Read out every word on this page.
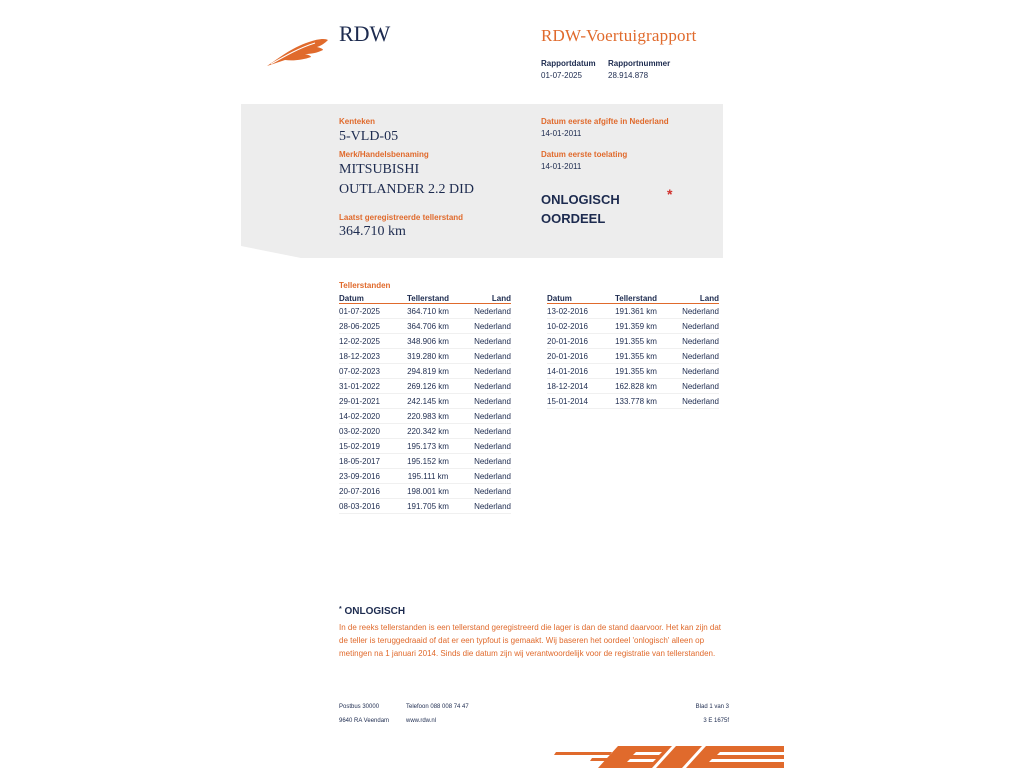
RDW	RDW-Voertuigrapport
Rapportdatum
01-07-2025
Rapportnummer
28.914.878
Kenteken
5-VLD-05
Merk/Handelsbenaming
MITSUBISHI
OUTLANDER 2.2 DID
Laatst geregistreerde tellerstand
364.710 km
Datum eerste afgifte in Nederland
14-01-2011
Datum eerste toelating
14-01-2011
ONLOGISCH OORDEEL
*
Tellerstanden
Datum	Tellerstand	Land
01-07-2025	364.710 km	Nederland
28-06-2025	364.706 km	Nederland
12-02-2025	348.906 km	Nederland
18-12-2023	319.280 km	Nederland
07-02-2023	294.819 km	Nederland
31-01-2022	269.126 km	Nederland
29-01-2021	242.145 km	Nederland
14-02-2020	220.983 km	Nederland
03-02-2020	220.342 km	Nederland
15-02-2019	195.173 km	Nederland
18-05-2017	195.152 km	Nederland
23-09-2016	195.111 km	Nederland
20-07-2016	198.001 km	Nederland
08-03-2016	191.705 km	Nederland
Datum	Tellerstand	Land
13-02-2016	191.361 km	Nederland
10-02-2016	191.359 km	Nederland
20-01-2016	191.355 km	Nederland
20-01-2016	191.355 km	Nederland
14-01-2016	191.355 km	Nederland
18-12-2014	162.828 km	Nederland
15-01-2014	133.778 km	Nederland
* ONLOGISCH
In de reeks tellerstanden is een tellerstand geregistreerd die lager is dan de stand daarvoor. Het kan zijn dat de teller is teruggedraaid of dat er een typfout is gemaakt. Wij baseren het oordeel 'onlogisch' alleen op metingen na 1 januari 2014. Sinds die datum zijn wij verantwoordelijk voor de registratie van tellerstanden.
Postbus 30000
9640 RA Veendam
Telefoon 088 008 74 47
www.rdw.nl
Blad 1 van 3
3 E 1675f
